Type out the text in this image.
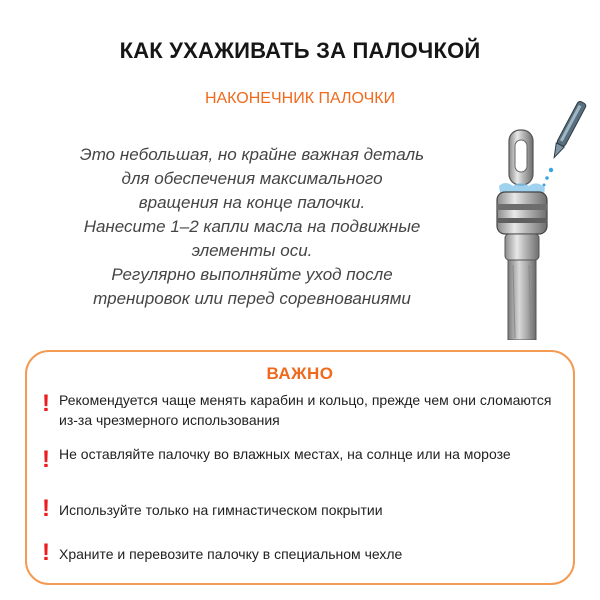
КАК УХАЖИВАТЬ ЗА ПАЛОЧКОЙ
НАКОНЕЧНИК ПАЛОЧКИ
Это небольшая, но крайне важная деталь
для обеспечения максимального
вращения на конце палочки.
Нанесите 1–2 капли масла на подвижные
элементы оси.
Регулярно выполняйте уход после
тренировок или перед соревнованиями
ВАЖНО
! Рекомендуется чаще менять карабин и кольцо, прежде чем они сломаются из-за чрезмерного использования
! Не оставляйте палочку во влажных местах, на солнце или на морозе
! Используйте только на гимнастическом покрытии
! Храните и перевозите палочку в специальном чехле
